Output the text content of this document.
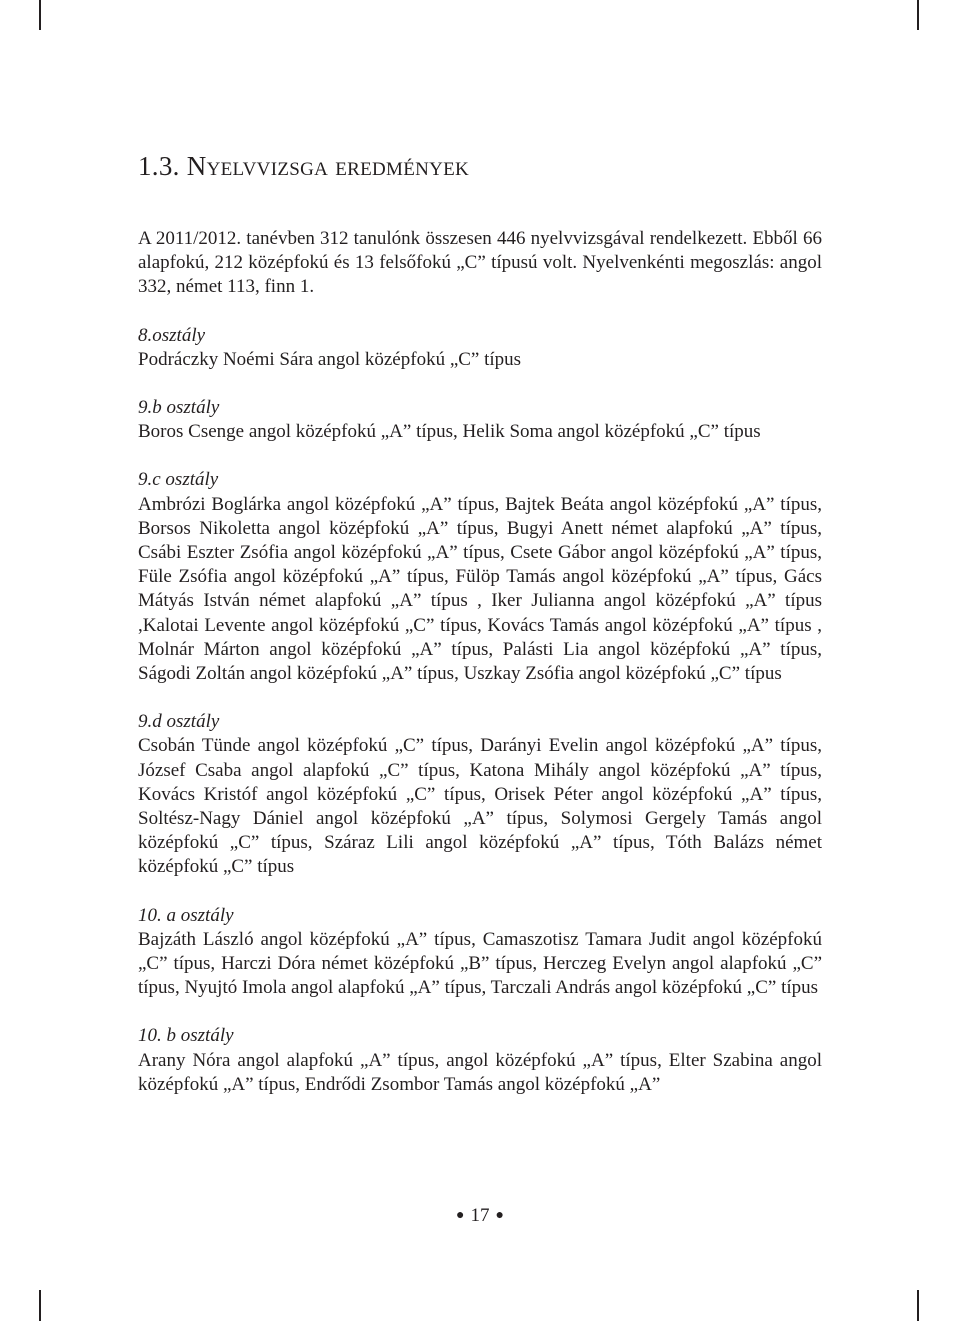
1.3. Nyelvvizsga eredmények

A 2011/2012. tanévben 312 tanulónk összesen 446 nyelvvizsgával rendelkezett. Ebből 66 alapfokú, 212 középfokú és 13 felsőfokú „C” típusú volt. Nyelvenkénti megoszlás: angol 332, német 113, finn 1.

8.osztály

Podráczky Noémi Sára angol középfokú „C” típus

9.b osztály

Boros Csenge angol középfokú „A” típus, Helik Soma angol középfokú „C” típus

9.c osztály

Ambrózi Boglárka angol középfokú „A” típus, Bajtek Beáta angol középfokú „A” típus, Borsos Nikoletta angol középfokú „A” típus, Bugyi Anett német alapfokú „A” típus, Csábi Eszter Zsófia angol középfokú „A” típus, Csete Gábor angol középfokú „A” típus, Füle Zsófia angol középfokú „A” típus, Fülöp Tamás angol középfokú „A” típus, Gács Mátyás István német alapfokú „A” típus , Iker Julianna angol középfokú „A” típus ,Kalotai Levente angol középfokú „C” típus, Kovács Tamás angol középfokú „A” típus , Molnár Márton angol középfokú „A” típus, Palásti Lia angol középfokú „A” típus, Ságodi Zoltán angol középfokú „A” típus, Uszkay Zsófia angol középfokú „C” típus

9.d osztály

Csobán Tünde angol középfokú „C” típus, Darányi Evelin angol középfokú „A” típus, József Csaba angol alapfokú „C” típus, Katona Mihály angol középfokú „A” típus, Kovács Kristóf angol középfokú „C” típus, Orisek Péter angol középfokú „A” típus, Soltész-Nagy Dániel angol középfokú „A” típus, Solymosi Gergely Tamás angol középfokú „C” típus, Száraz Lili angol középfokú „A” típus, Tóth Balázs német középfokú „C” típus

10. a osztály

Bajzáth László angol középfokú „A” típus, Camaszotisz Tamara Judit angol középfokú „C” típus, Harczi Dóra német középfokú „B” típus, Herczeg Evelyn angol alapfokú „C” típus, Nyujtó Imola angol alapfokú „A” típus, Tarczali András angol középfokú „C” típus

10. b osztály

Arany Nóra angol alapfokú „A” típus, angol középfokú „A” típus, Elter Szabina angol középfokú „A” típus, Endrődi Zsombor Tamás angol középfokú „A”

● 17 ●
